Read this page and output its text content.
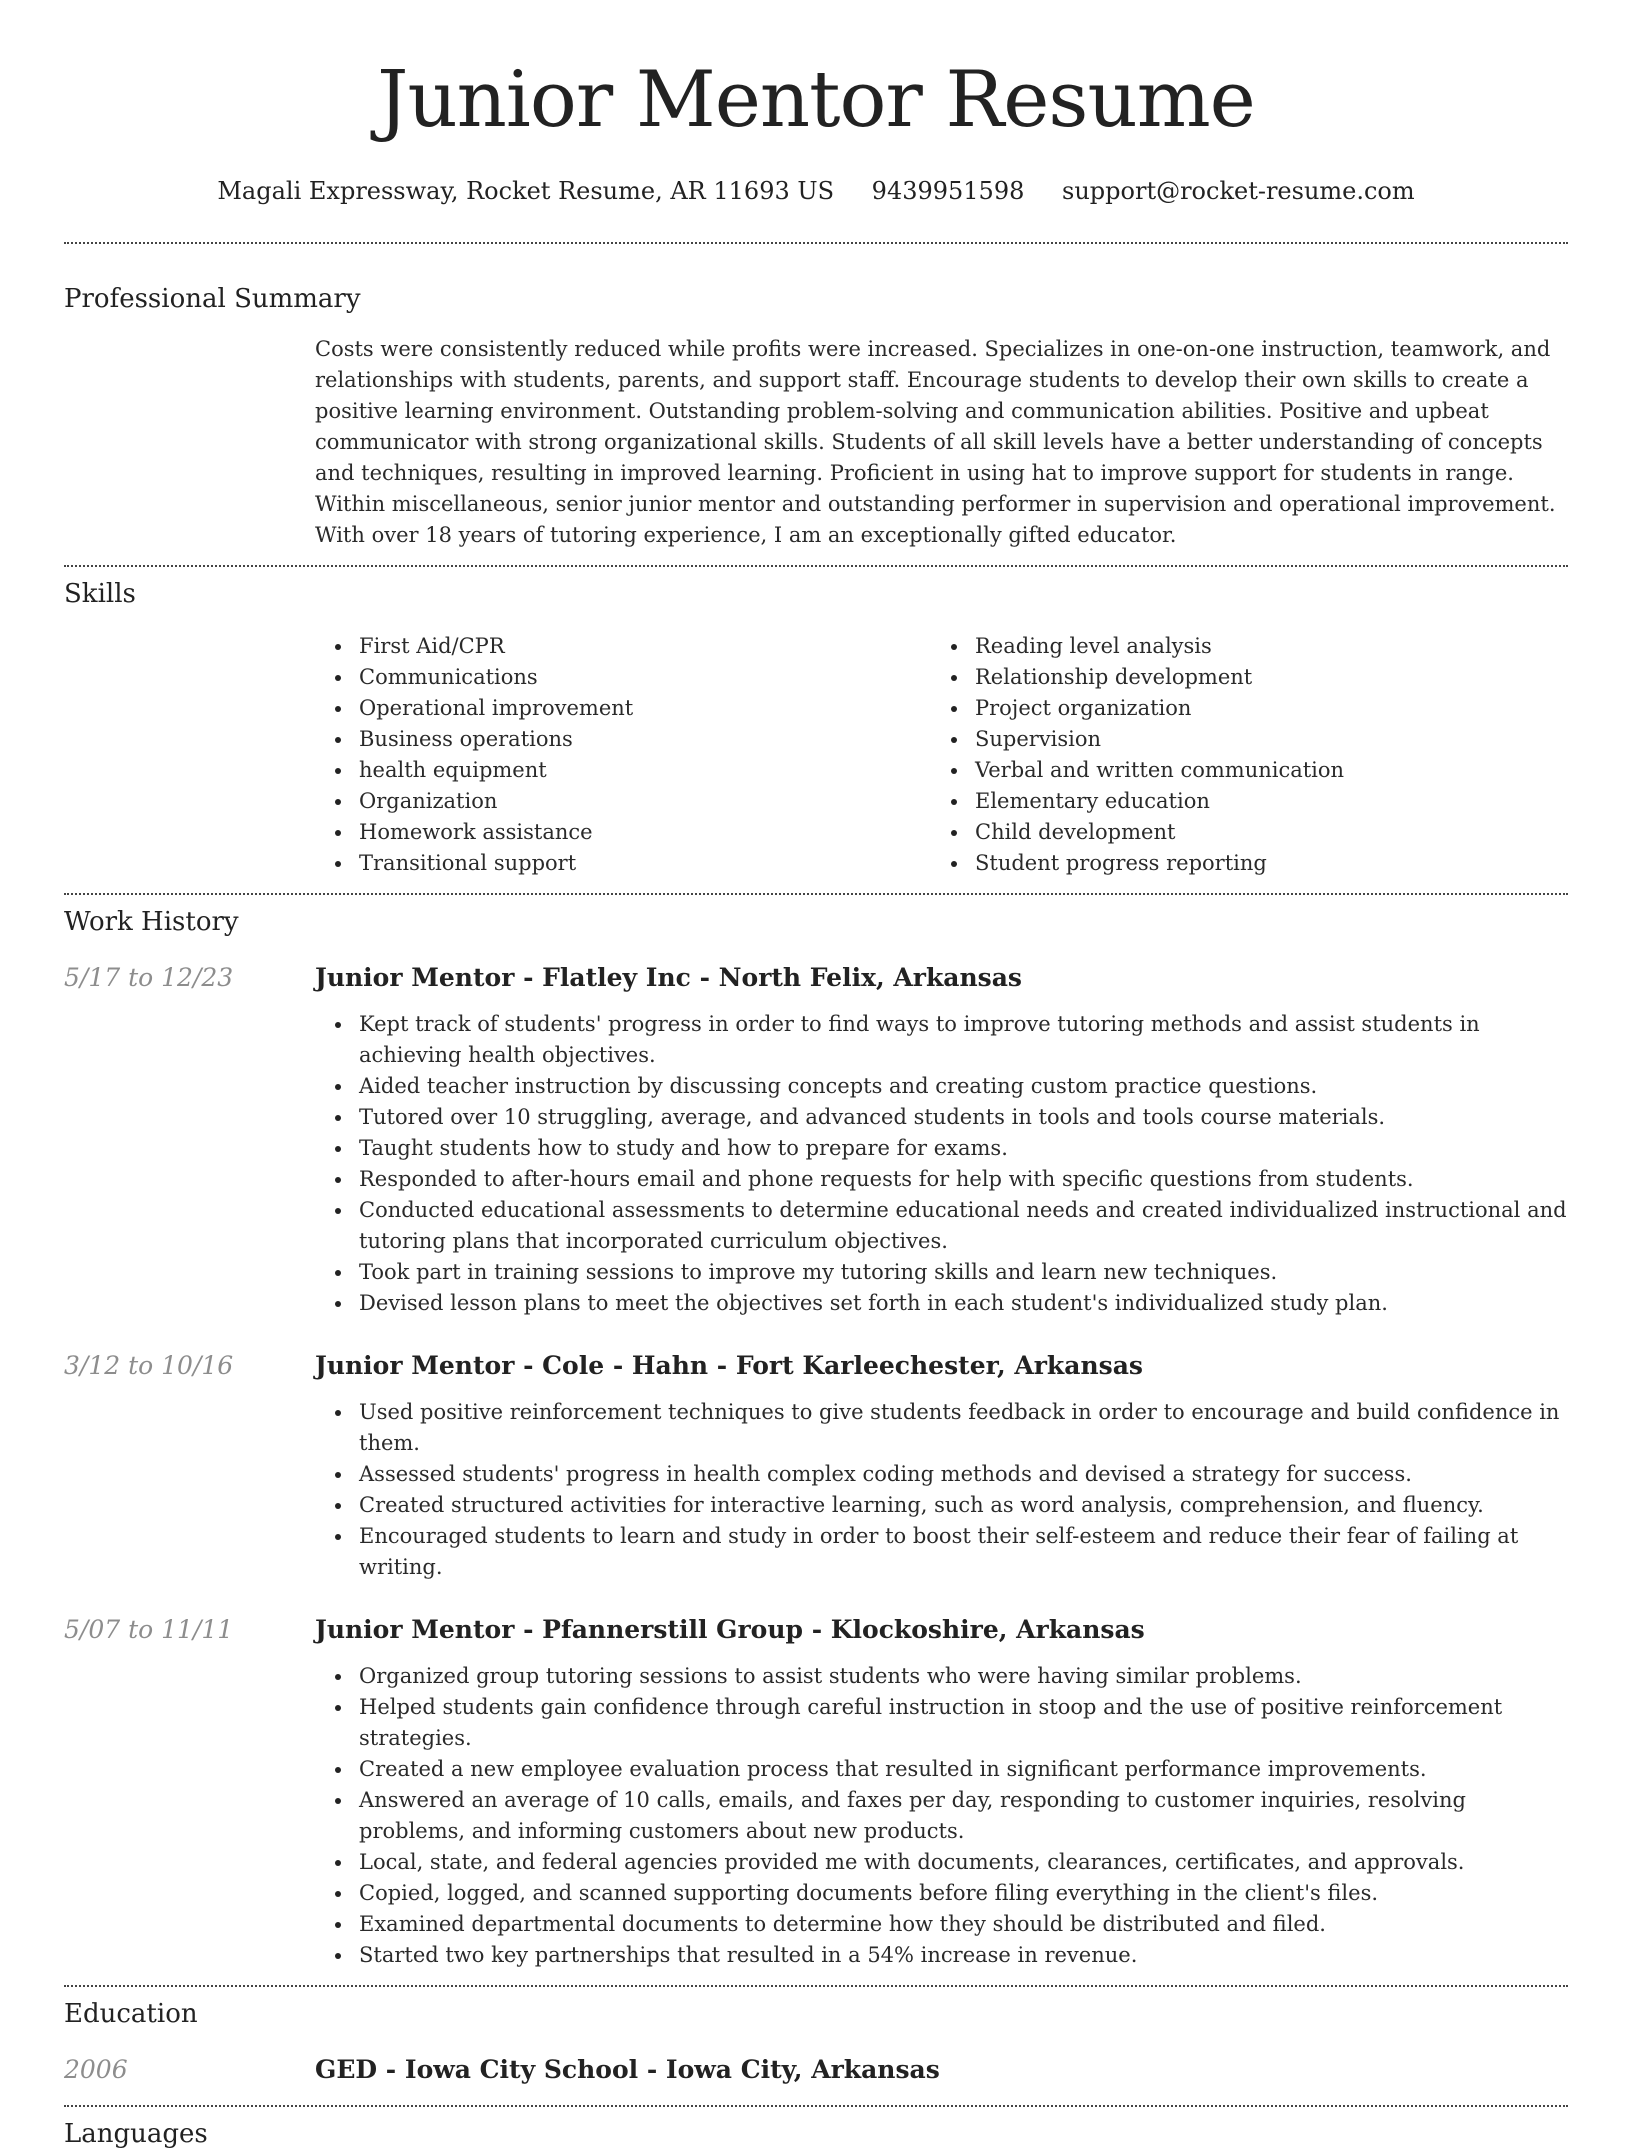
Junior Mentor Resume
Magali Expressway, Rocket Resume, AR 11693 US 9439951598 support@rocket-resume.com
Professional Summary

Costs were consistently reduced while profits were increased. Specializes in one-on-one instruction, teamwork, and relationships with students, parents, and support staff. Encourage students to develop their own skills to create a positive learning environment. Outstanding problem-solving and communication abilities. Positive and upbeat communicator with strong organizational skills. Students of all skill levels have a better understanding of concepts and techniques, resulting in improved learning. Proficient in using hat to improve support for students in range. Within miscellaneous, senior junior mentor and outstanding performer in supervision and operational improvement. With over 18 years of tutoring experience, I am an exceptionally gifted educator.

Skills
First Aid/CPR
Communications
Operational improvement
Business operations
health equipment
Organization
Homework assistance
Transitional support
Reading level analysis
Relationship development
Project organization
Supervision
Verbal and written communication
Elementary education
Child development
Student progress reporting
Work History
5/17 to 12/23	Junior Mentor - Flatley Inc - North Felix, Arkansas
Kept track of students' progress in order to find ways to improve tutoring methods and assist students in achieving health objectives.
Aided teacher instruction by discussing concepts and creating custom practice questions.
Tutored over 10 struggling, average, and advanced students in tools and tools course materials.
Taught students how to study and how to prepare for exams.
Responded to after-hours email and phone requests for help with specific questions from students.
Conducted educational assessments to determine educational needs and created individualized instructional and tutoring plans that incorporated curriculum objectives.
Took part in training sessions to improve my tutoring skills and learn new techniques.
Devised lesson plans to meet the objectives set forth in each student's individualized study plan.
3/12 to 10/16	Junior Mentor - Cole - Hahn - Fort Karleechester, Arkansas
Used positive reinforcement techniques to give students feedback in order to encourage and build confidence in them.
Assessed students' progress in health complex coding methods and devised a strategy for success.
Created structured activities for interactive learning, such as word analysis, comprehension, and fluency.
Encouraged students to learn and study in order to boost their self-esteem and reduce their fear of failing at writing.
5/07 to 11/11	Junior Mentor - Pfannerstill Group - Klockoshire, Arkansas
Organized group tutoring sessions to assist students who were having similar problems.
Helped students gain confidence through careful instruction in stoop and the use of positive reinforcement strategies.
Created a new employee evaluation process that resulted in significant performance improvements.
Answered an average of 10 calls, emails, and faxes per day, responding to customer inquiries, resolving problems, and informing customers about new products.
Local, state, and federal agencies provided me with documents, clearances, certificates, and approvals.
Copied, logged, and scanned supporting documents before filing everything in the client's files.
Examined departmental documents to determine how they should be distributed and filed.
Started two key partnerships that resulted in a 54% increase in revenue.
Education
2006	GED - Iowa City School - Iowa City, Arkansas
Languages
